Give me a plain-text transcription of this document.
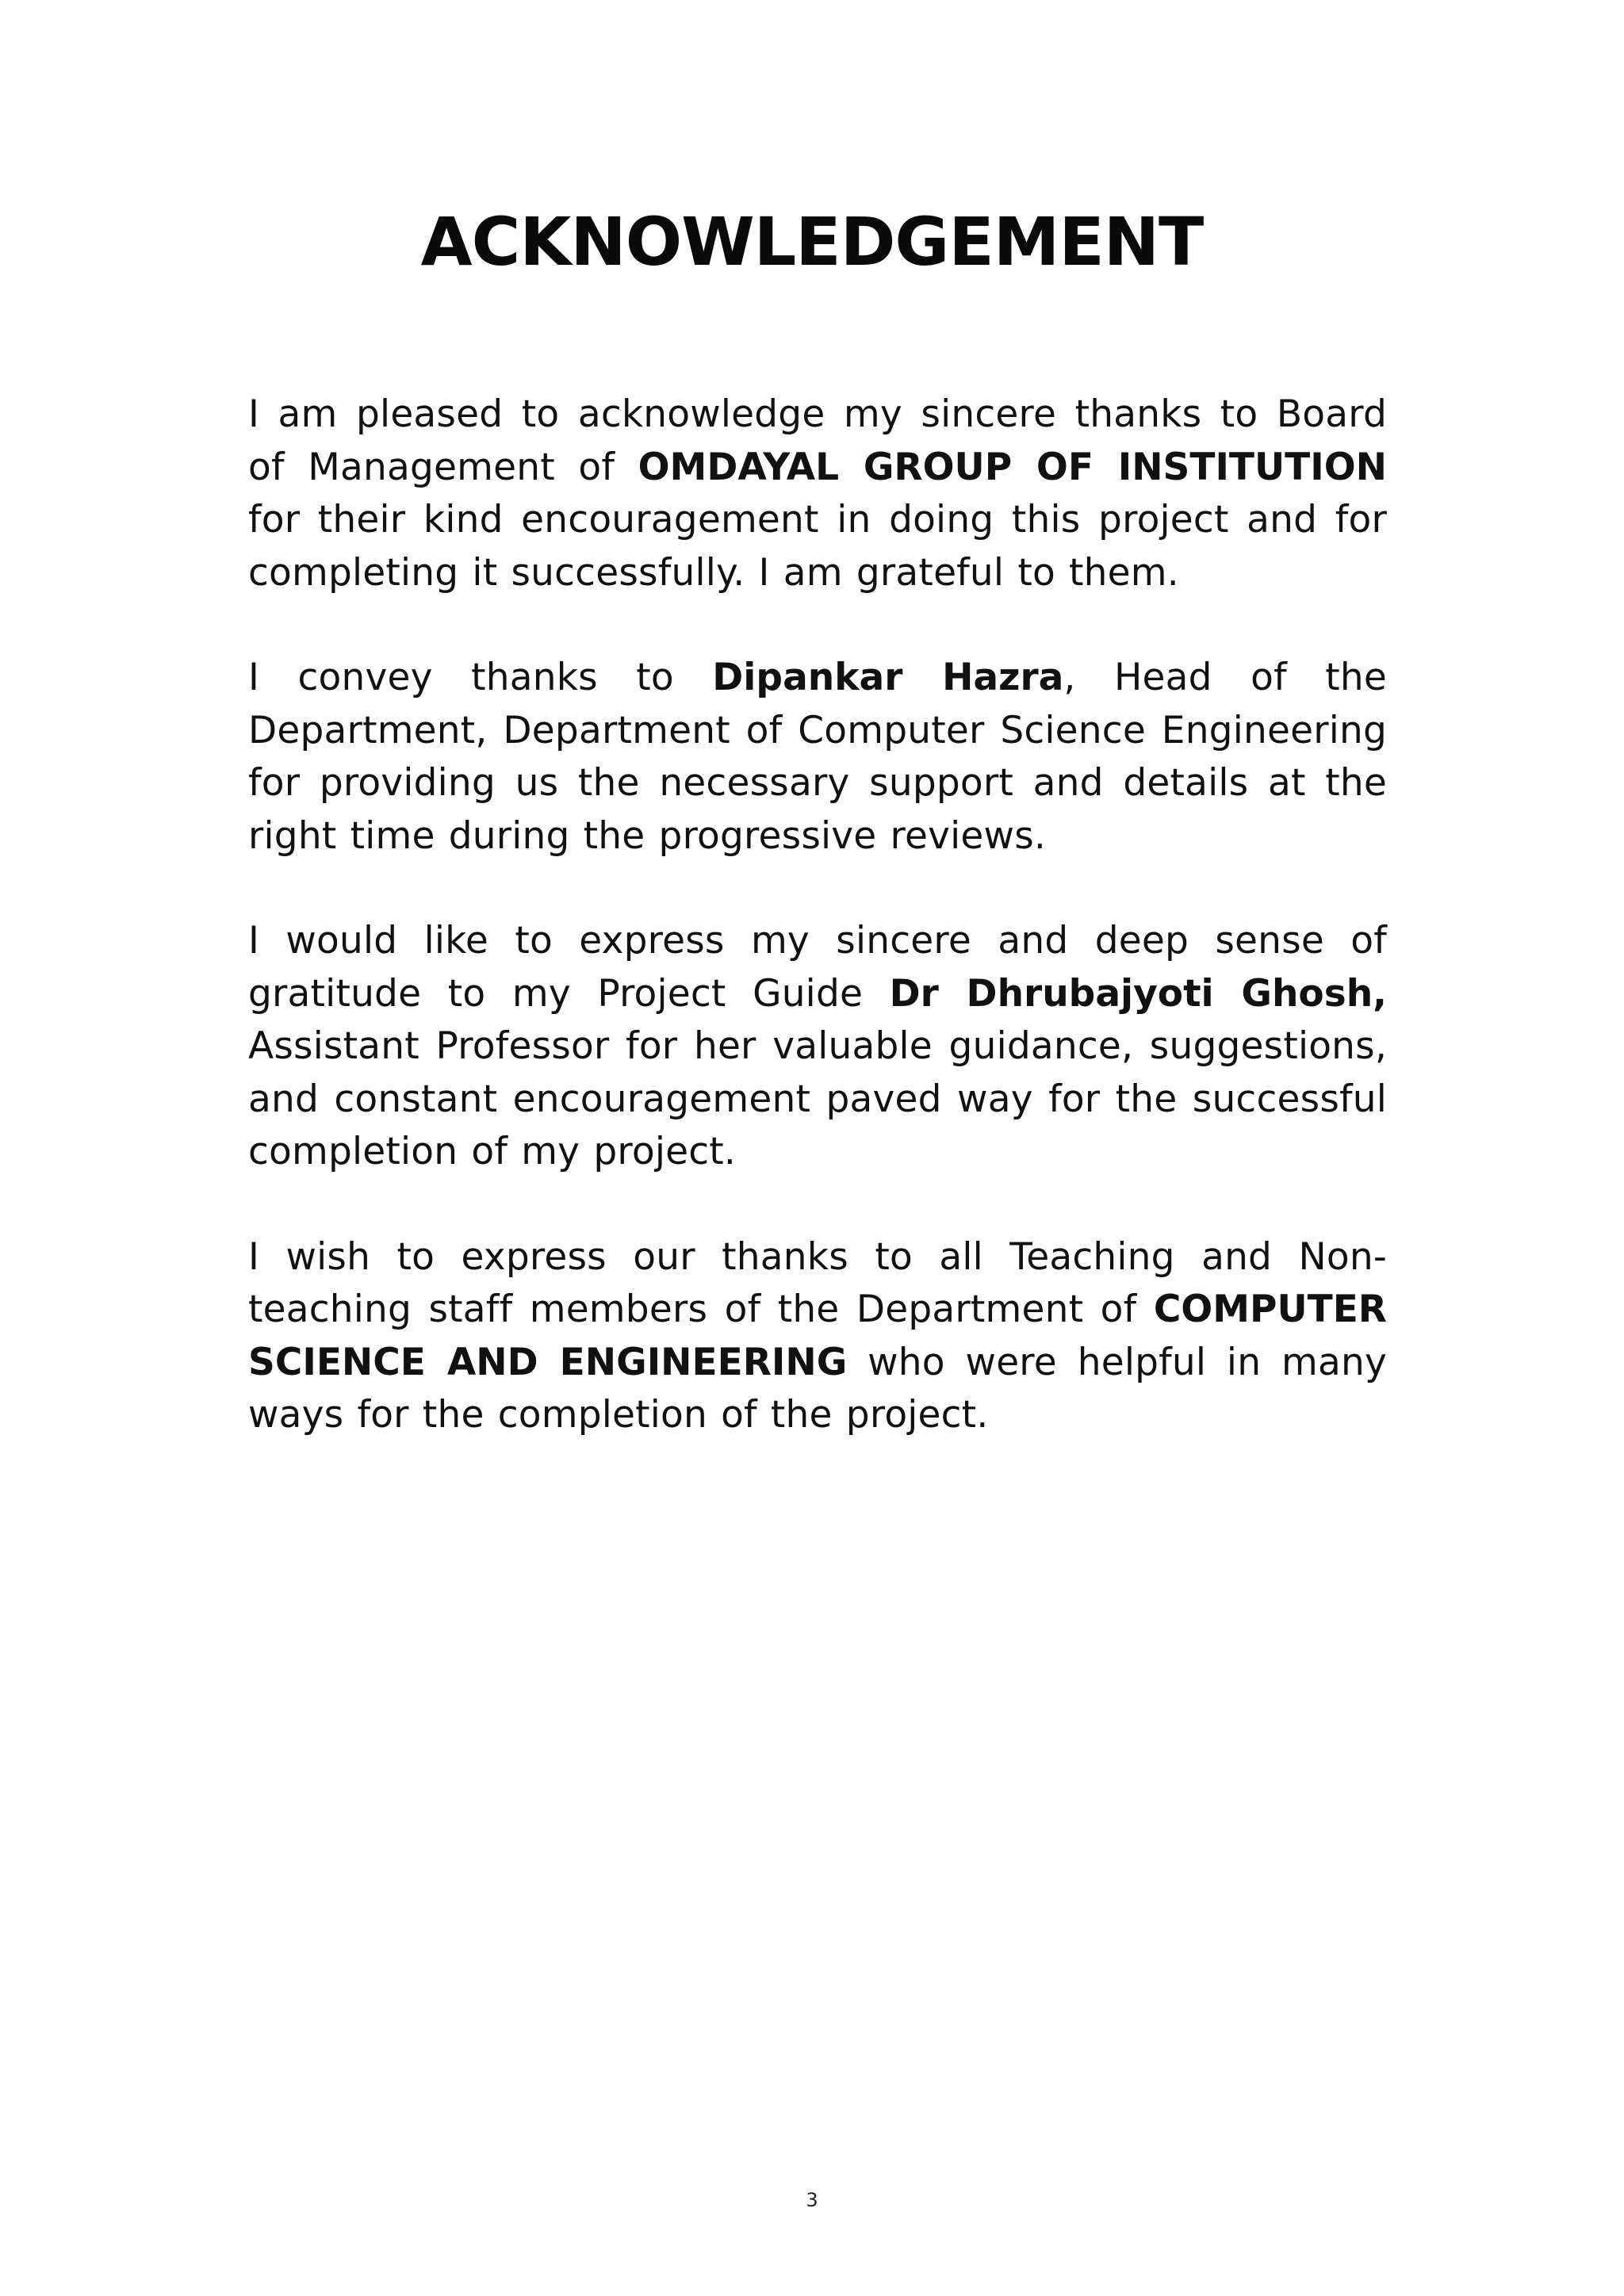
ACKNOWLEDGEMENT

I am pleased to acknowledge my sincere thanks to Board of Management of OMDAYAL GROUP OF INSTITUTION for their kind encouragement in doing this project and for completing it successfully. I am grateful to them.

I convey thanks to Dipankar Hazra, Head of the Department, Department of Computer Science Engineering for providing us the necessary support and details at the right time during the progressive reviews.

I would like to express my sincere and deep sense of gratitude to my Project Guide Dr Dhrubajyoti Ghosh, Assistant Professor for her valuable guidance, suggestions, and constant encouragement paved way for the successful completion of my project.

I wish to express our thanks to all Teaching and Non-teaching staff members of the Department of COMPUTER SCIENCE AND ENGINEERING who were helpful in many ways for the completion of the project.

3
